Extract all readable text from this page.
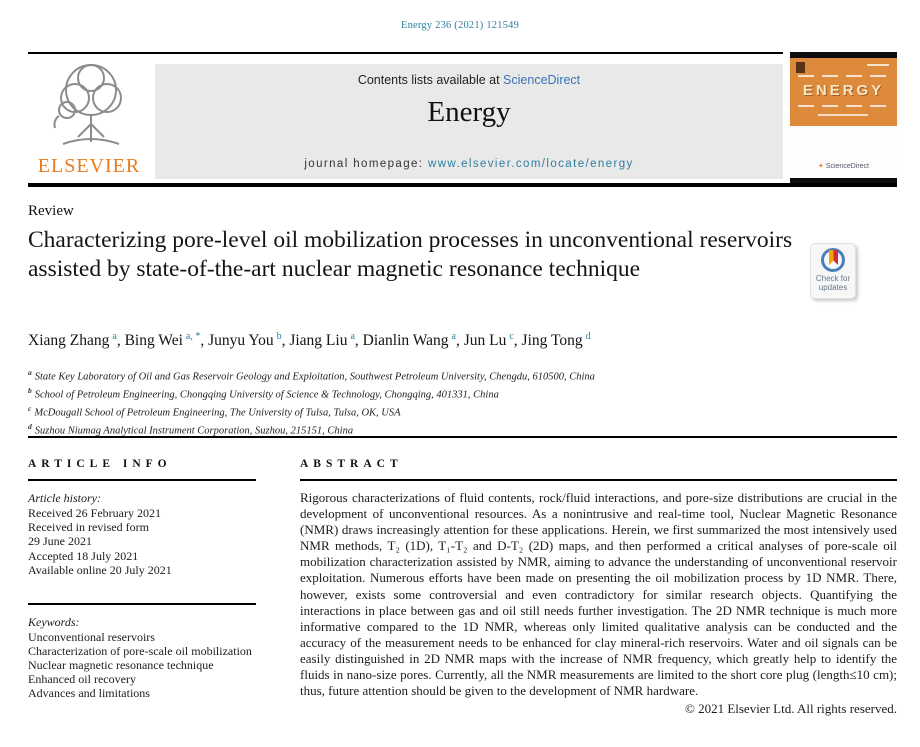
Energy 236 (2021) 121549
ELSEVIER
Contents lists available at ScienceDirect
Energy
journal homepage: www.elsevier.com/locate/energy
ENERGY
✦ ScienceDirect
Review
Characterizing pore-level oil mobilization processes in unconventional reservoirs assisted by state-of-the-art nuclear magnetic resonance technique	Check for
updates
Xiang Zhang $^a$, Bing Wei $^{a, *}$, Junyu You $^b$, Jiang Liu $^a$, Dianlin Wang $^a$, Jun Lu $^c$, Jing Tong $^d$
$^a$ State Key Laboratory of Oil and Gas Reservoir Geology and Exploitation, Southwest Petroleum University, Chengdu, 610500, China
$^b$ School of Petroleum Engineering, Chongqing University of Science & Technology, Chongqing, 401331, China
$^c$ McDougall School of Petroleum Engineering, The University of Tulsa, Tulsa, OK, USA
$^d$ Suzhou Niumag Analytical Instrument Corporation, Suzhou, 215151, China
ARTICLE INFO
Article history:
Received 26 February 2021
Received in revised form
29 June 2021
Accepted 18 July 2021
Available online 20 July 2021
Keywords:
Unconventional reservoirs
Characterization of pore-scale oil mobilization
Nuclear magnetic resonance technique
Enhanced oil recovery
Advances and limitations
ABSTRACT

Rigorous characterizations of fluid contents, rock/fluid interactions, and pore-size distributions are crucial in the development of unconventional resources. As a nonintrusive and real-time tool, Nuclear Magnetic Resonance (NMR) draws increasingly attention for these applications. Herein, we first summarized the most intensively used NMR methods, T₂ (1D), T₁-T₂ and D-T₂ (2D) maps, and then performed a critical analyses of pore-scale oil mobilization characterization assisted by NMR, aiming to advance the understanding of unconventional reservoir exploitation. Numerous efforts have been made on presenting the oil mobilization process by 1D NMR. There, however, exists some controversial and even contradictory for similar research objects. Quantifying the interactions in place between gas and oil still needs further investigation. The 2D NMR technique is much more informative compared to the 1D NMR, whereas only limited qualitative analysis can be conducted and the accuracy of the measurement needs to be enhanced for clay mineral-rich reservoirs. Water and oil signals can be easily distinguished in 2D NMR maps with the increase of NMR frequency, which greatly help to identify the fluids in nano-size pores. Currently, all the NMR measurements are limited to the short core plug (length≤10 cm); thus, future attention should be given to the development of NMR hardware.

© 2021 Elsevier Ltd. All rights reserved.
